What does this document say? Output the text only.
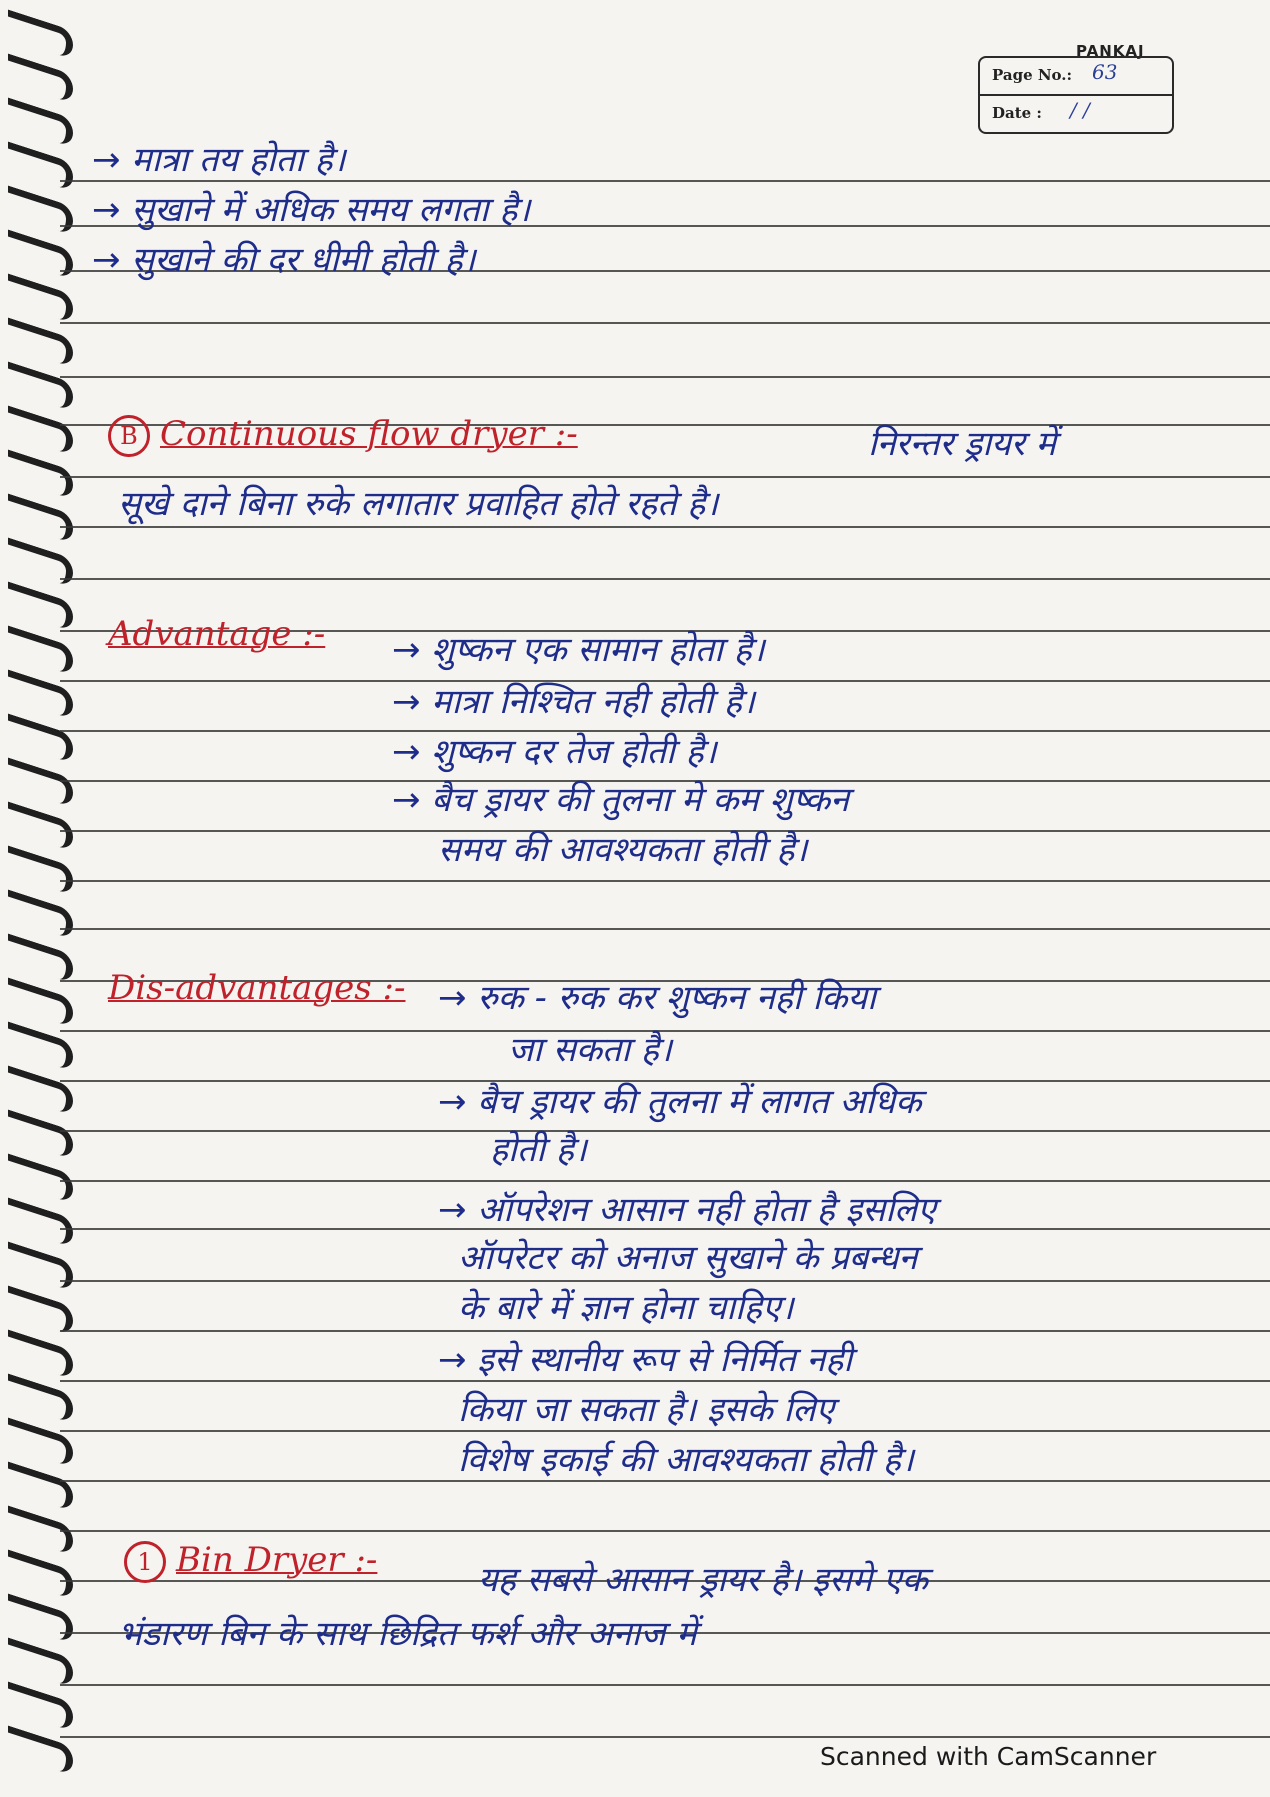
PANKAJ
Page No.: 63
Date : / /
→ मात्रा तय होता है।
→ सुखाने में अधिक समय लगता है।
→ सुखाने की दर धीमी होती है।
B Continuous flow dryer :-	निरन्तर ड्रायर में
सूखे दाने बिना रुके लगातार प्रवाहित होते रहते है।
Advantage :- → शुष्कन एक सामान होता है।
→ मात्रा निश्चित नही होती है।
→ शुष्कन दर तेज होती है।
→ बैच ड्रायर की तुलना मे कम शुष्कन
समय की आवश्यकता होती है।
Dis-advantages :- → रुक - रुक कर शुष्कन नही किया
जा सकता है।
→ बैच ड्रायर की तुलना में लागत अधिक
होती है।
→ ऑपरेशन आसान नही होता है इसलिए
ऑपरेटर को अनाज सुखाने के प्रबन्धन
के बारे में ज्ञान होना चाहिए।
→ इसे स्थानीय रूप से निर्मित नही
किया जा सकता है। इसके लिए
विशेष इकाई की आवश्यकता होती है।
1 Bin Dryer :-	यह सबसे आसान ड्रायर है। इसमे एक
भंडारण बिन के साथ छिद्रित फर्श और अनाज में
Scanned with CamScanner
